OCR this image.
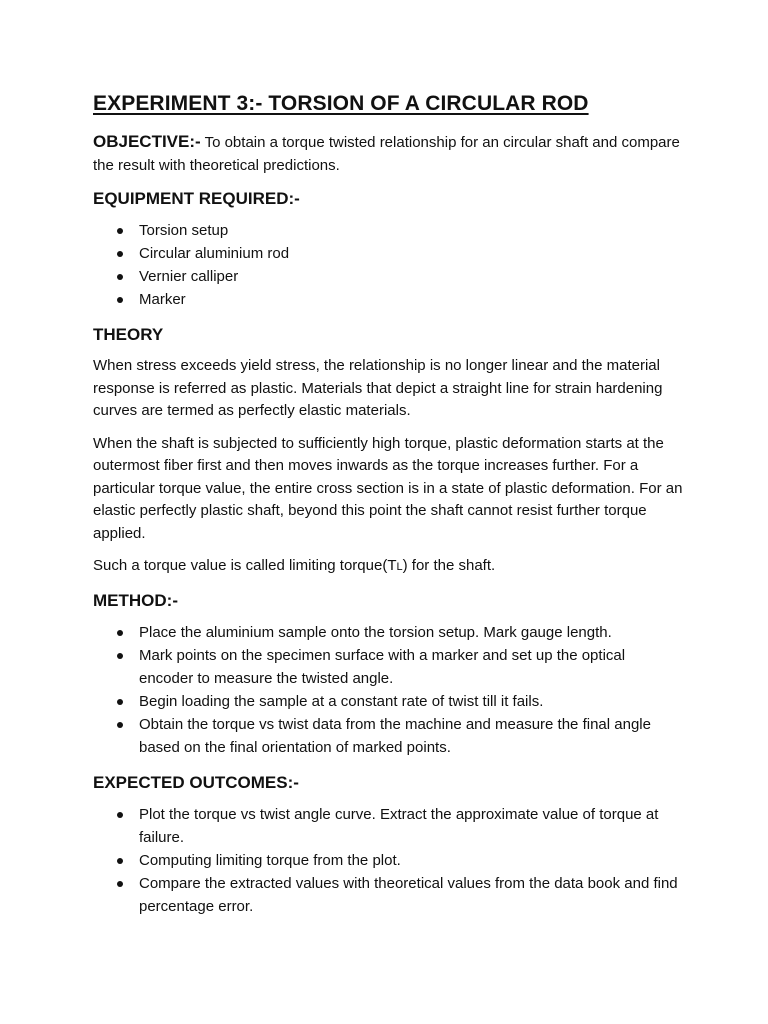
EXPERIMENT 3:- TORSION OF A CIRCULAR ROD
OBJECTIVE:- To obtain a torque twisted relationship for an circular shaft and compare the result with theoretical predictions.
EQUIPMENT REQUIRED:-
Torsion setup
Circular aluminium rod
Vernier calliper
Marker
THEORY

When stress exceeds yield stress, the relationship is no longer linear and the material response is referred as plastic. Materials that depict a straight line for strain hardening curves are termed as perfectly elastic materials.

When the shaft is subjected to sufficiently high torque, plastic deformation starts at the outermost fiber first and then moves inwards as the torque increases further. For a particular torque value, the entire cross section is in a state of plastic deformation. For an elastic perfectly plastic shaft, beyond this point the shaft cannot resist further torque applied.

Such a torque value is called limiting torque(TL) for the shaft.

METHOD:-
Place the aluminium sample onto the torsion setup. Mark gauge length.
Mark points on the specimen surface with a marker and set up the optical encoder to measure the twisted angle.
Begin loading the sample at a constant rate of twist till it fails.
Obtain the torque vs twist data from the machine and measure the final angle based on the final orientation of marked points.
EXPECTED OUTCOMES:-
Plot the torque vs twist angle curve. Extract the approximate value of torque at failure.
Computing limiting torque from the plot.
Compare the extracted values with theoretical values from the data book and find percentage error.
